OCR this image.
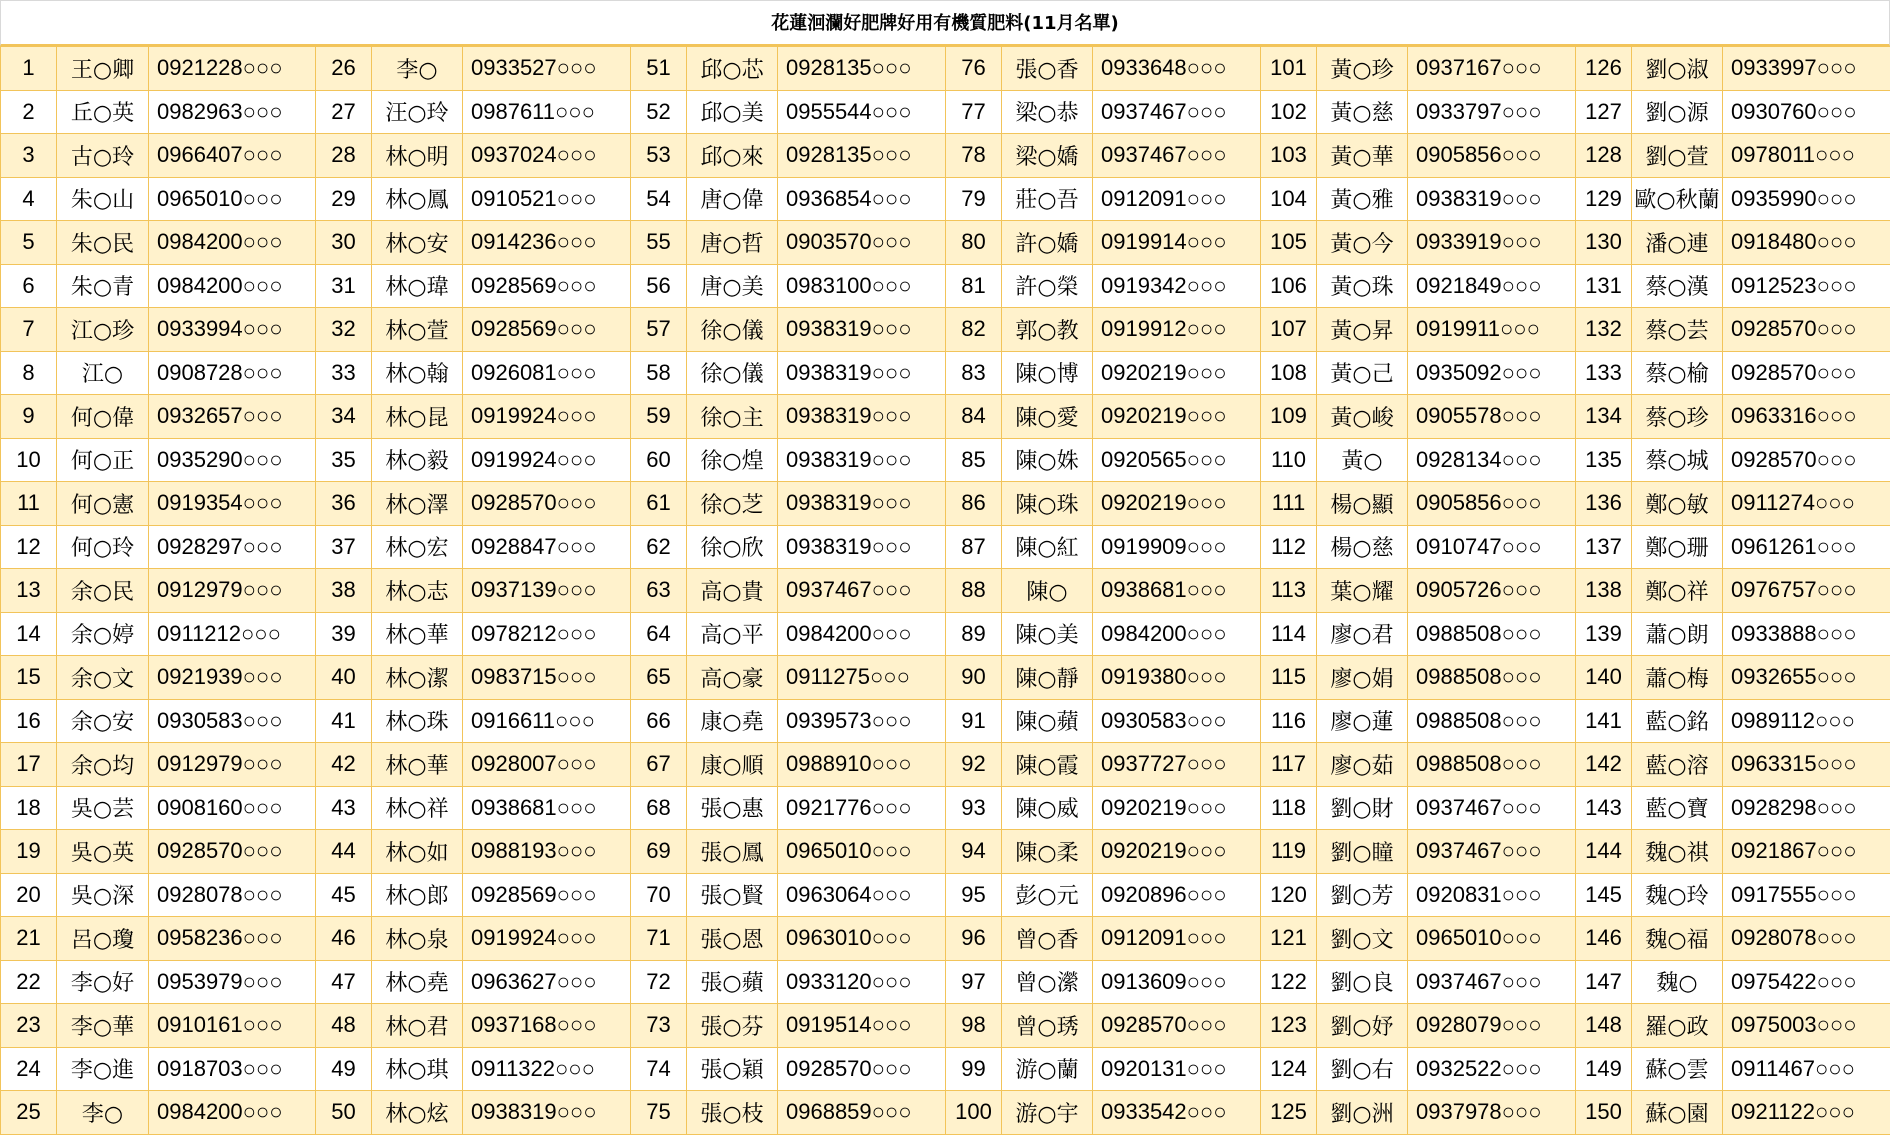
花蓮洄瀾好肥牌好用有機質肥料(11月名單)
1	王○卿	0921228○○○	26	李○	0933527○○○	51	邱○芯	0928135○○○	76	張○香	0933648○○○	101	黃○珍	0937167○○○	126	劉○淑	0933997○○○
2	丘○英	0982963○○○	27	汪○玲	0987611○○○	52	邱○美	0955544○○○	77	梁○恭	0937467○○○	102	黃○慈	0933797○○○	127	劉○源	0930760○○○
3	古○玲	0966407○○○	28	林○明	0937024○○○	53	邱○來	0928135○○○	78	梁○嬌	0937467○○○	103	黃○華	0905856○○○	128	劉○萱	0978011○○○
4	朱○山	0965010○○○	29	林○鳳	0910521○○○	54	唐○偉	0936854○○○	79	莊○吾	0912091○○○	104	黃○雅	0938319○○○	129	歐○秋蘭	0935990○○○
5	朱○民	0984200○○○	30	林○安	0914236○○○	55	唐○哲	0903570○○○	80	許○嬌	0919914○○○	105	黃○今	0933919○○○	130	潘○連	0918480○○○
6	朱○青	0984200○○○	31	林○瑋	0928569○○○	56	唐○美	0983100○○○	81	許○榮	0919342○○○	106	黃○珠	0921849○○○	131	蔡○漢	0912523○○○
7	江○珍	0933994○○○	32	林○萱	0928569○○○	57	徐○儀	0938319○○○	82	郭○教	0919912○○○	107	黃○昇	0919911○○○	132	蔡○芸	0928570○○○
8	江○	0908728○○○	33	林○翰	0926081○○○	58	徐○儀	0938319○○○	83	陳○博	0920219○○○	108	黃○己	0935092○○○	133	蔡○榆	0928570○○○
9	何○偉	0932657○○○	34	林○昆	0919924○○○	59	徐○主	0938319○○○	84	陳○愛	0920219○○○	109	黃○峻	0905578○○○	134	蔡○珍	0963316○○○
10	何○正	0935290○○○	35	林○毅	0919924○○○	60	徐○煌	0938319○○○	85	陳○姝	0920565○○○	110	黃○	0928134○○○	135	蔡○城	0928570○○○
11	何○憲	0919354○○○	36	林○澤	0928570○○○	61	徐○芝	0938319○○○	86	陳○珠	0920219○○○	111	楊○顯	0905856○○○	136	鄭○敏	0911274○○○
12	何○玲	0928297○○○	37	林○宏	0928847○○○	62	徐○欣	0938319○○○	87	陳○紅	0919909○○○	112	楊○慈	0910747○○○	137	鄭○珊	0961261○○○
13	余○民	0912979○○○	38	林○志	0937139○○○	63	高○貴	0937467○○○	88	陳○	0938681○○○	113	葉○耀	0905726○○○	138	鄭○祥	0976757○○○
14	余○婷	0911212○○○	39	林○華	0978212○○○	64	高○平	0984200○○○	89	陳○美	0984200○○○	114	廖○君	0988508○○○	139	蕭○朗	0933888○○○
15	余○文	0921939○○○	40	林○潔	0983715○○○	65	高○豪	0911275○○○	90	陳○靜	0919380○○○	115	廖○娟	0988508○○○	140	蕭○梅	0932655○○○
16	余○安	0930583○○○	41	林○珠	0916611○○○	66	康○堯	0939573○○○	91	陳○蘋	0930583○○○	116	廖○蓮	0988508○○○	141	藍○銘	0989112○○○
17	余○均	0912979○○○	42	林○華	0928007○○○	67	康○順	0988910○○○	92	陳○霞	0937727○○○	117	廖○茹	0988508○○○	142	藍○溶	0963315○○○
18	吳○芸	0908160○○○	43	林○祥	0938681○○○	68	張○惠	0921776○○○	93	陳○威	0920219○○○	118	劉○財	0937467○○○	143	藍○寶	0928298○○○
19	吳○英	0928570○○○	44	林○如	0988193○○○	69	張○鳳	0965010○○○	94	陳○柔	0920219○○○	119	劉○瞳	0937467○○○	144	魏○祺	0921867○○○
20	吳○深	0928078○○○	45	林○郎	0928569○○○	70	張○賢	0963064○○○	95	彭○元	0920896○○○	120	劉○芳	0920831○○○	145	魏○玲	0917555○○○
21	呂○瓊	0958236○○○	46	林○泉	0919924○○○	71	張○恩	0963010○○○	96	曾○香	0912091○○○	121	劉○文	0965010○○○	146	魏○福	0928078○○○
22	李○好	0953979○○○	47	林○堯	0963627○○○	72	張○蘋	0933120○○○	97	曾○瀠	0913609○○○	122	劉○良	0937467○○○	147	魏○	0975422○○○
23	李○華	0910161○○○	48	林○君	0937168○○○	73	張○芬	0919514○○○	98	曾○琇	0928570○○○	123	劉○妤	0928079○○○	148	羅○政	0975003○○○
24	李○進	0918703○○○	49	林○琪	0911322○○○	74	張○穎	0928570○○○	99	游○蘭	0920131○○○	124	劉○右	0932522○○○	149	蘇○雲	0911467○○○
25	李○	0984200○○○	50	林○炫	0938319○○○	75	張○枝	0968859○○○	100	游○宇	0933542○○○	125	劉○洲	0937978○○○	150	蘇○園	0921122○○○
